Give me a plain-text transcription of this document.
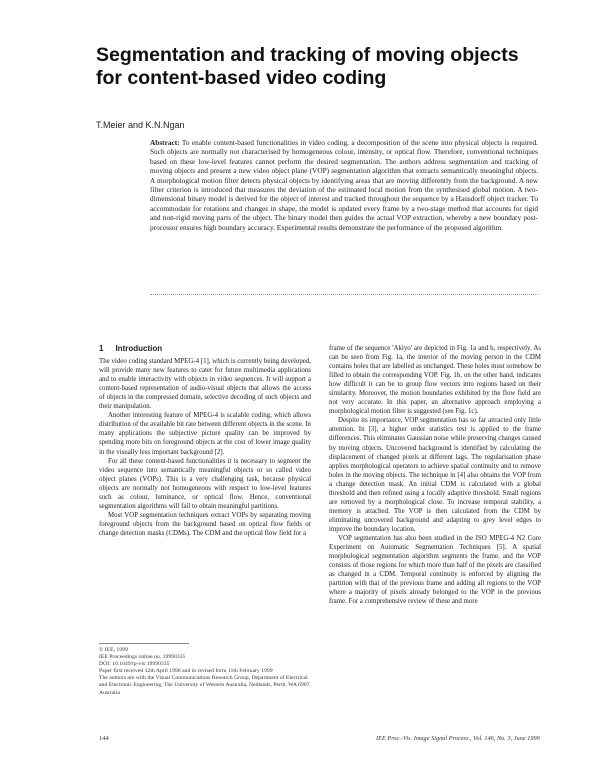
Segmentation and tracking of moving objects for content-based video coding
T.Meier and K.N.Ngan
Abstract: To enable content-based functionalities in video coding, a decomposition of the scene into physical objects is required. Such objects are normally not characterised by homogeneous colour, intensity, or optical flow. Therefore, conventional techniques based on these low-level features cannot perform the desired segmentation. The authors address segmentation and tracking of moving objects and present a new video object plane (VOP) segmentation algorithm that extracts semantically meaningful objects. A morphological motion filter detects physical objects by identifying areas that are moving differently from the background. A new filter criterion is introduced that measures the deviation of the estimated local motion from the synthesised global motion. A two-dimensional binary model is derived for the object of interest and tracked throughout the sequence by a Hausdorff object tracker. To accommodate for rotations and changes in shape, the model is updated every frame by a two-stage method that accounts for rigid and non-rigid moving parts of the object. The binary model then guides the actual VOP extraction, whereby a new boundary post-processor ensures high boundary accuracy. Experimental results demonstrate the performance of the proposed algorithm.
1 Introduction

The video coding standard MPEG-4 [1], which is currently being developed, will provide many new features to cater for future multimedia applications and to enable interactivity with objects in video sequences. It will support a content-based representation of audio-visual objects that allows the access of objects in the compressed domain, selective decoding of such objects and their manipulation.

Another interesting feature of MPEG-4 is scalable coding, which allows distribution of the available bit rate between different objects in the scene. In many applications the subjective picture quality can be improved by spending more bits on foreground objects at the cost of lower image quality in the visually less important background [2].

For all these content-based functionalities it is necessary to segment the video sequence into semantically meaningful objects or so called video object planes (VOPs). This is a very challenging task, because physical objects are normally not homogeneous with respect to low-level features such as colour, luminance, or optical flow. Hence, conventional segmentation algorithms will fail to obtain meaningful partitions.

Most VOP segmentation techniques extract VOPs by separating moving foreground objects from the background based on optical flow fields or change detection masks (CDMs). The CDM and the optical flow field for a

frame of the sequence 'Akiyo' are depicted in Fig. 1a and b, respectively. As can be seen from Fig. 1a, the interior of the moving person in the CDM contains holes that are labelled as unchanged. These holes must somehow be filled to obtain the corresponding VOP. Fig. 1b, on the other hand, indicates how difficult it can be to group flow vectors into regions based on their similarity. Moreover, the motion boundaries exhibited by the flow field are not very accurate. In this paper, an alternative approach employing a morphological motion filter is suggested (see Fig. 1c).

Despite its importance, VOP segmentation has so far attracted only little attention. In [3], a higher order statistics test is applied to the frame differences. This eliminates Gaussian noise while preserving changes caused by moving objects. Uncovered background is identified by calculating the displacement of changed pixels at different lags. The regularisation phase applies morphological operators to achieve spatial continuity and to remove holes in the moving objects. The technique in [4] also obtains the VOP from a change detection mask. An initial CDM is calculated with a global threshold and then refined using a locally adaptive threshold. Small regions are removed by a morphological close. To increase temporal stability, a memory is attached. The VOP is then calculated from the CDM by eliminating uncovered background and adapting to grey level edges to improve the boundary location.

VOP segmentation has also been studied in the ISO MPEG-4 N2 Core Experiment on Automatic Segmentation Techniques [5]. A spatial morphological segmentation algorithm segments the frame, and the VOP consists of those regions for which more than half of the pixels are classified as changed in a CDM. Temporal continuity is enforced by aligning the partition with that of the previous frame and adding all regions to the VOP where a majority of pixels already belonged to the VOP in the previous frame. For a comprehensive review of these and more

© IEE, 1999
IEE Proceedings online no. 19990335
DOI: 10.1049/ip-vis:19990335
Paper first received 12th April 1998 and in revised form 11th February 1999
The authors are with the Visual Communications Research Group, Department of Electrical and Electronic Engineering, The University of Western Australia, Nedlands, Perth, WA 6907, Australia
144	IEE Proc.-Vis. Image Signal Process., Vol. 146, No. 3, June 1999
